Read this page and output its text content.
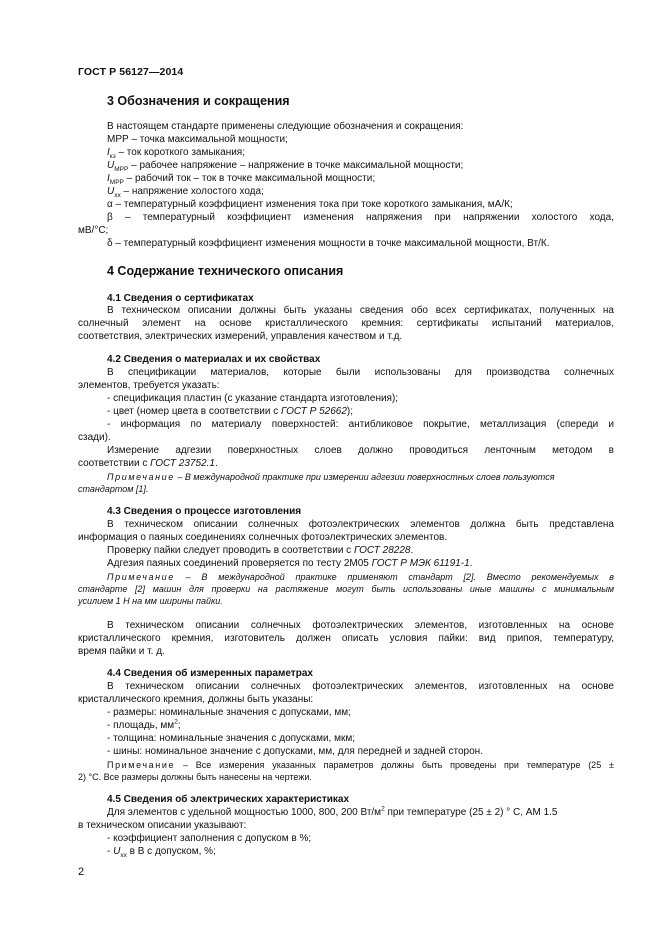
ГОСТ Р 56127—2014
3 Обозначения и сокращения
В настоящем стандарте применены следующие обозначения и сокращения:
МРР – точка максимальной мощности;
$I_{кз}$ – ток короткого замыкания;
$U_{MPP}$ – рабочее напряжение – напряжение в точке максимальной мощности;
$I_{MPP}$ – рабочий ток – ток в точке максимальной мощности;
$U_{хх}$ – напряжение холостого хода;
α – температурный коэффициент изменения тока при токе короткого замыкания, мА/К;
β – температурный коэффициент изменения напряжения при напряжении холостого хода,
мВ/°С;
δ – температурный коэффициент изменения мощности в точке максимальной мощности, Вт/К.
4 Содержание технического описания
4.1 Сведения о сертификатах
В техническом описании должны быть указаны сведения обо всех сертификатах, полученных на
солнечный элемент на основе кристаллического кремния: сертификаты испытаний материалов,
соответствия, электрических измерений, управления качеством и т.д.
4.2 Сведения о материалах и их свойствах
В спецификации материалов, которые были использованы для производства солнечных
элементов, требуется указать:
- спецификация пластин (с указание стандарта изготовления);
- цвет (номер цвета в соответствии с ГОСТ Р 52662);
- информация по материалу поверхностей: антибликовое покрытие, металлизация (спереди и
сзади).
Измерение адгезии поверхностных слоев должно проводиться ленточным методом в
соответствии с ГОСТ 23752.1.
Примечание – В международной практике при измерении адгезии поверхностных слоев пользуются
стандартом [1].
4.3 Сведения о процессе изготовления
В техническом описании солнечных фотоэлектрических элементов должна быть представлена
информация о паяных соединениях солнечных фотоэлектрических элементов.
Проверку пайки следует проводить в соответствии с ГОСТ 28228.
Адгезия паяных соединений проверяется по тесту 2М05 ГОСТ Р МЭК 61191-1.
Примечание – В международной практике применяют стандарт [2]. Вместо рекомендуемых в
стандарте [2] машин для проверки на растяжение могут быть использованы иные машины с минимальным
усилием 1 Н на мм ширины пайки.
В техническом описании солнечных фотоэлектрических элементов, изготовленных на основе
кристаллического кремния, изготовитель должен описать условия пайки: вид припоя, температуру,
время пайки и т. д.
4.4 Сведения об измеренных параметрах
В техническом описании солнечных фотоэлектрических элементов, изготовленных на основе
кристаллического кремния, должны быть указаны:
- размеры: номинальные значения с допусками, мм;
- площадь, $мм^2$;
- толщина: номинальные значения с допусками, мкм;
- шины: номинальное значение с допусками, мм, для передней и задней сторон.
Примечание – Все измерения указанных параметров должны быть проведены при температуре (25 ±
2) °С. Все размеры должны быть нанесены на чертежи.
4.5 Сведения об электрических характеристиках
Для элементов с удельной мощностью 1000, 800, 200 $Вт/м^2$ при температуре (25 ± 2) ° С, АМ 1.5
в техническом описании указывают:
- коэффициент заполнения с допуском в %;
- $U_{хх}$ в В с допуском, %;
2
